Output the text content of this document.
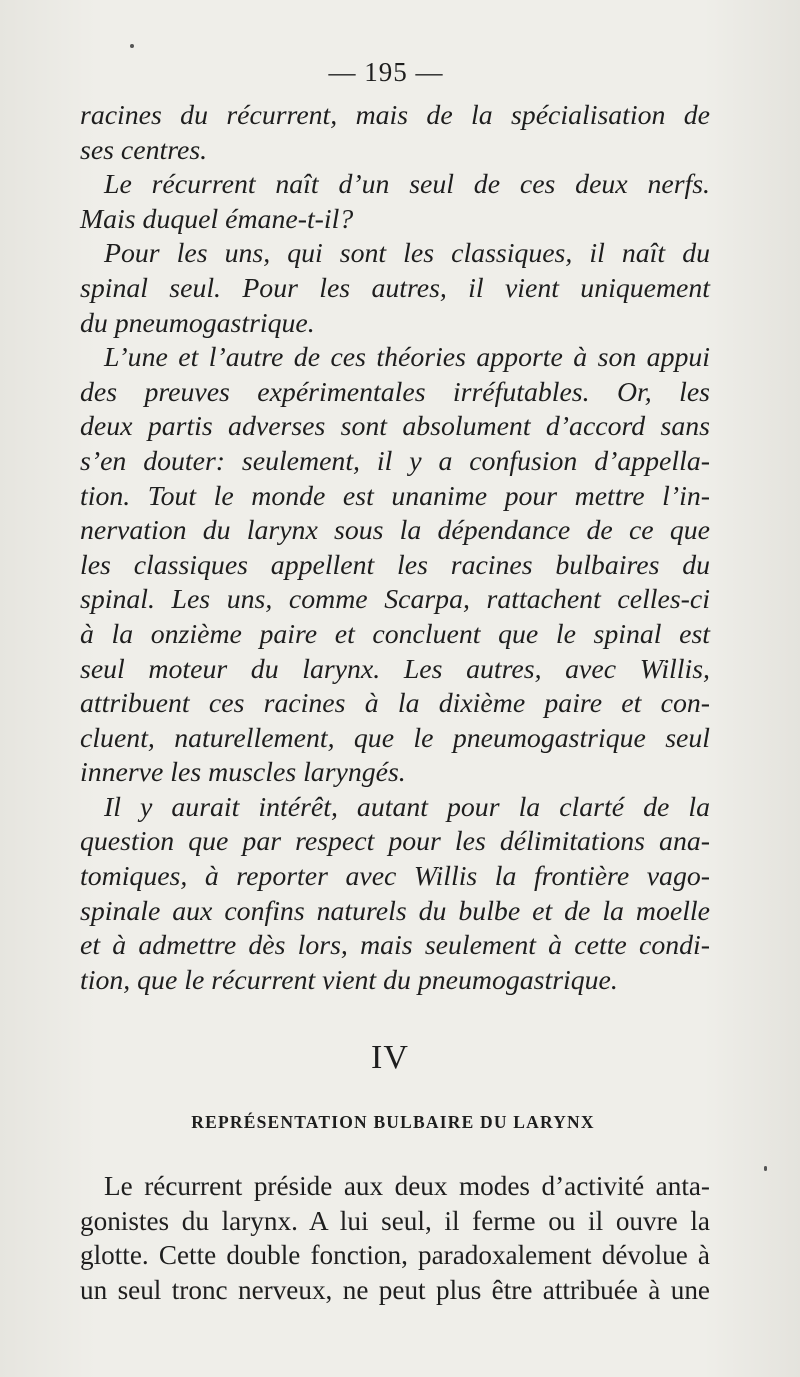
— 195 —
racines du récurrent, mais de la spécialisation de
ses centres.
Le récurrent naît d’un seul de ces deux nerfs.
Mais duquel émane-t-il?
Pour les uns, qui sont les classiques, il naît du
spinal seul. Pour les autres, il vient uniquement
du pneumogastrique.
L’une et l’autre de ces théories apporte à son appui
des preuves expérimentales irréfutables. Or, les
deux partis adverses sont absolument d’accord sans
s’en douter: seulement, il y a confusion d’appella-
tion. Tout le monde est unanime pour mettre l’in-
nervation du larynx sous la dépendance de ce que
les classiques appellent les racines bulbaires du
spinal. Les uns, comme Scarpa, rattachent celles-ci
à la onzième paire et concluent que le spinal est
seul moteur du larynx. Les autres, avec Willis,
attribuent ces racines à la dixième paire et con-
cluent, naturellement, que le pneumogastrique seul
innerve les muscles laryngés.
Il y aurait intérêt, autant pour la clarté de la
question que par respect pour les délimitations ana-
tomiques, à reporter avec Willis la frontière vago-
spinale aux confins naturels du bulbe et de la moelle
et à admettre dès lors, mais seulement à cette condi-
tion, que le récurrent vient du pneumogastrique.
IV
REPRÉSENTATION BULBAIRE DU LARYNX
Le récurrent préside aux deux modes d’activité anta-
gonistes du larynx. A lui seul, il ferme ou il ouvre la
glotte. Cette double fonction, paradoxalement dévolue à
un seul tronc nerveux, ne peut plus être attribuée à une
